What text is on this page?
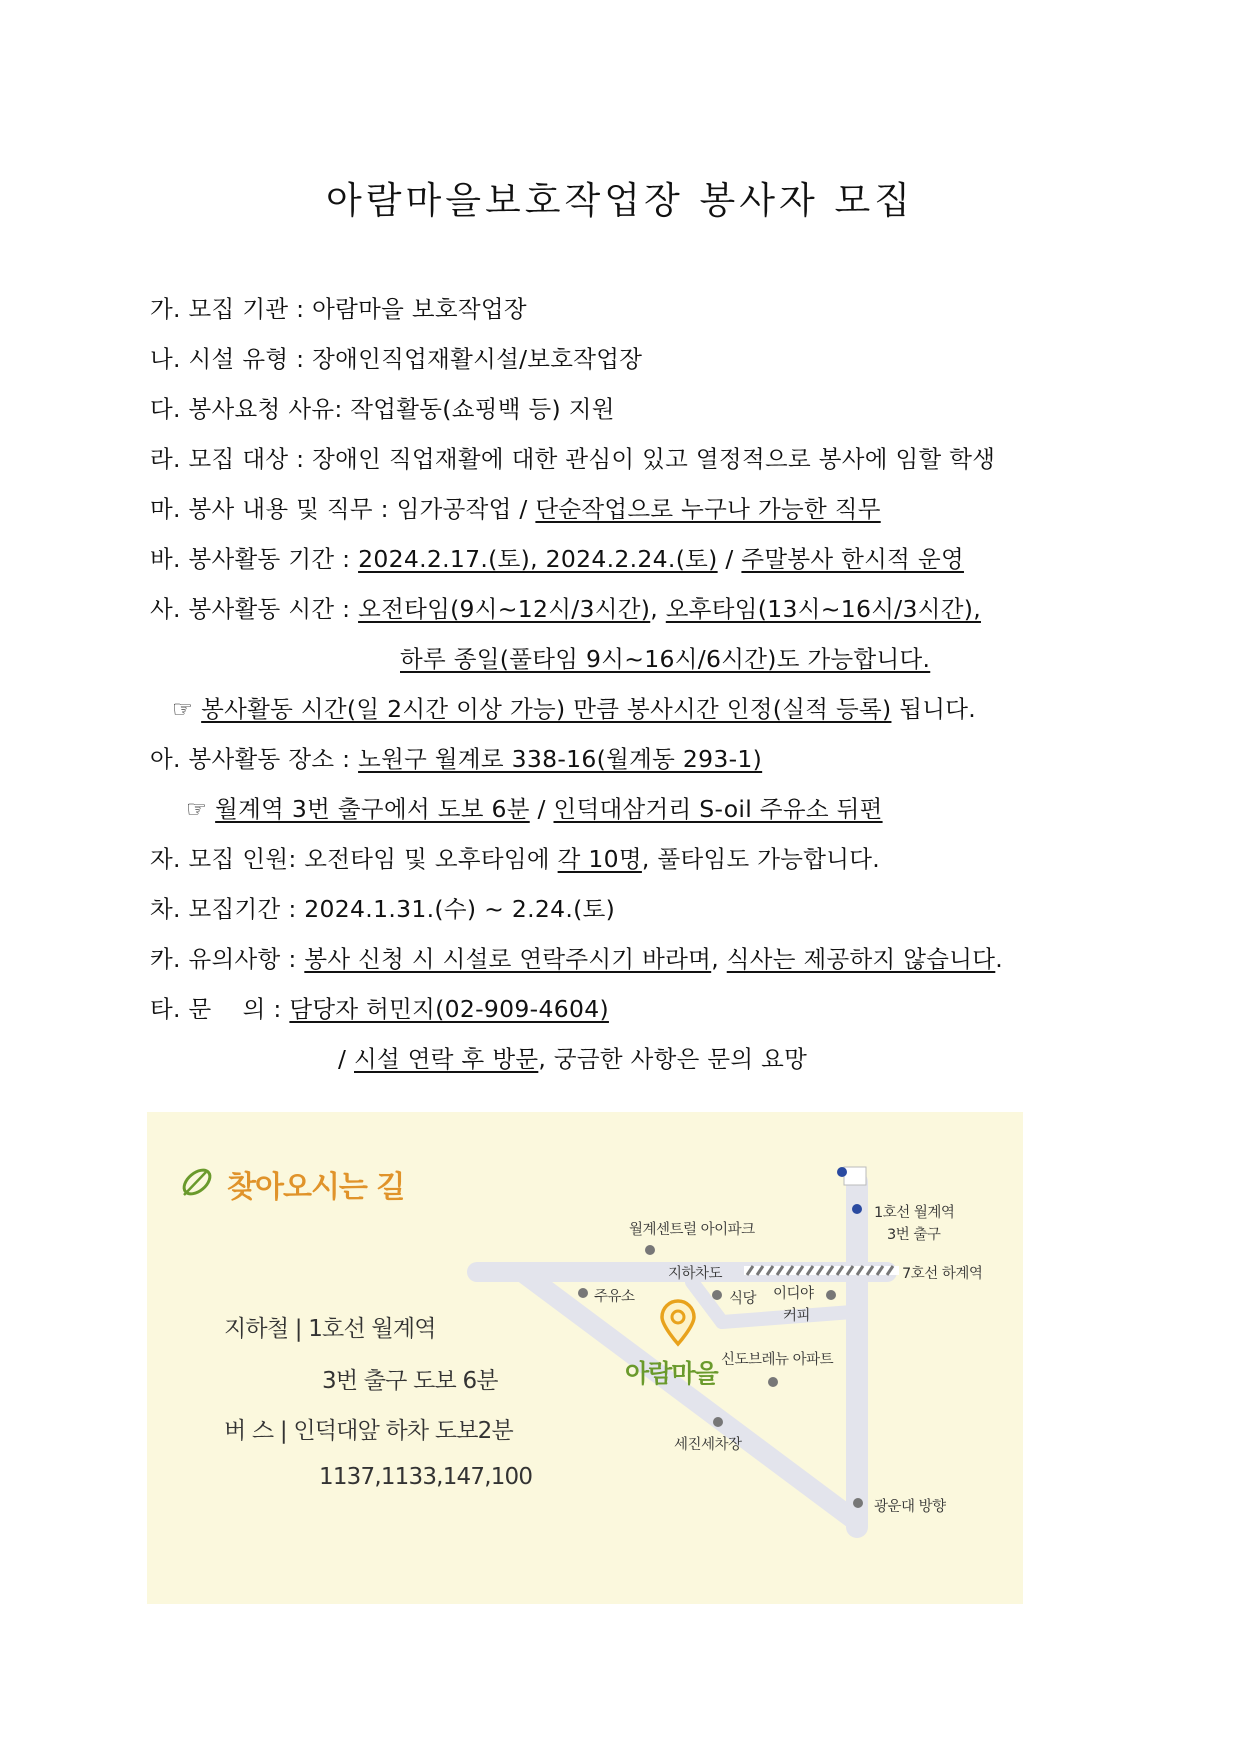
아람마을보호작업장 봉사자 모집
가. 모집 기관 : 아람마을 보호작업장
나. 시설 유형 : 장애인직업재활시설/보호작업장
다. 봉사요청 사유: 작업활동(쇼핑백 등) 지원
라. 모집 대상 : 장애인 직업재활에 대한 관심이 있고 열정적으로 봉사에 임할 학생
마. 봉사 내용 및 직무 : 임가공작업 / 단순작업으로 누구나 가능한 직무
바. 봉사활동 기간 : 2024.2.17.(토), 2024.2.24.(토) / 주말봉사 한시적 운영
사. 봉사활동 시간 : 오전타임(9시~12시/3시간), 오후타임(13시~16시/3시간),
하루 종일(풀타임 9시~16시/6시간)도 가능합니다.
☞ 봉사활동 시간(일 2시간 이상 가능) 만큼 봉사시간 인정(실적 등록) 됩니다.
아. 봉사활동 장소 : 노원구 월계로 338-16(월계동 293-1)
☞ 월계역 3번 출구에서 도보 6분 / 인덕대삼거리 S-oil 주유소 뒤편
자. 모집 인원: 오전타임 및 오후타임에 각 10명, 풀타임도 가능합니다.
차. 모집기간 : 2024.1.31.(수) ~ 2.24.(토)
카. 유의사항 : 봉사 신청 시 시설로 연락주시기 바라며, 식사는 제공하지 않습니다.
타. 문    의 : 담당자 허민지(02-909-4604)
/ 시설 연락 후 방문, 궁금한 사항은 문의 요망
찾아오시는 길
지하철 | 1호선 월계역
3번 출구 도보 6분
버 스 | 인덕대앞 하차 도보2분
1137,1133,147,100
아람마을
1호선 월계역
3번 출구
월계센트럴 아이파크
지하차도	7호선 하계역
주유소	식당 이디야
커피
신도브레뉴 아파트
세진세차장
광운대 방향
